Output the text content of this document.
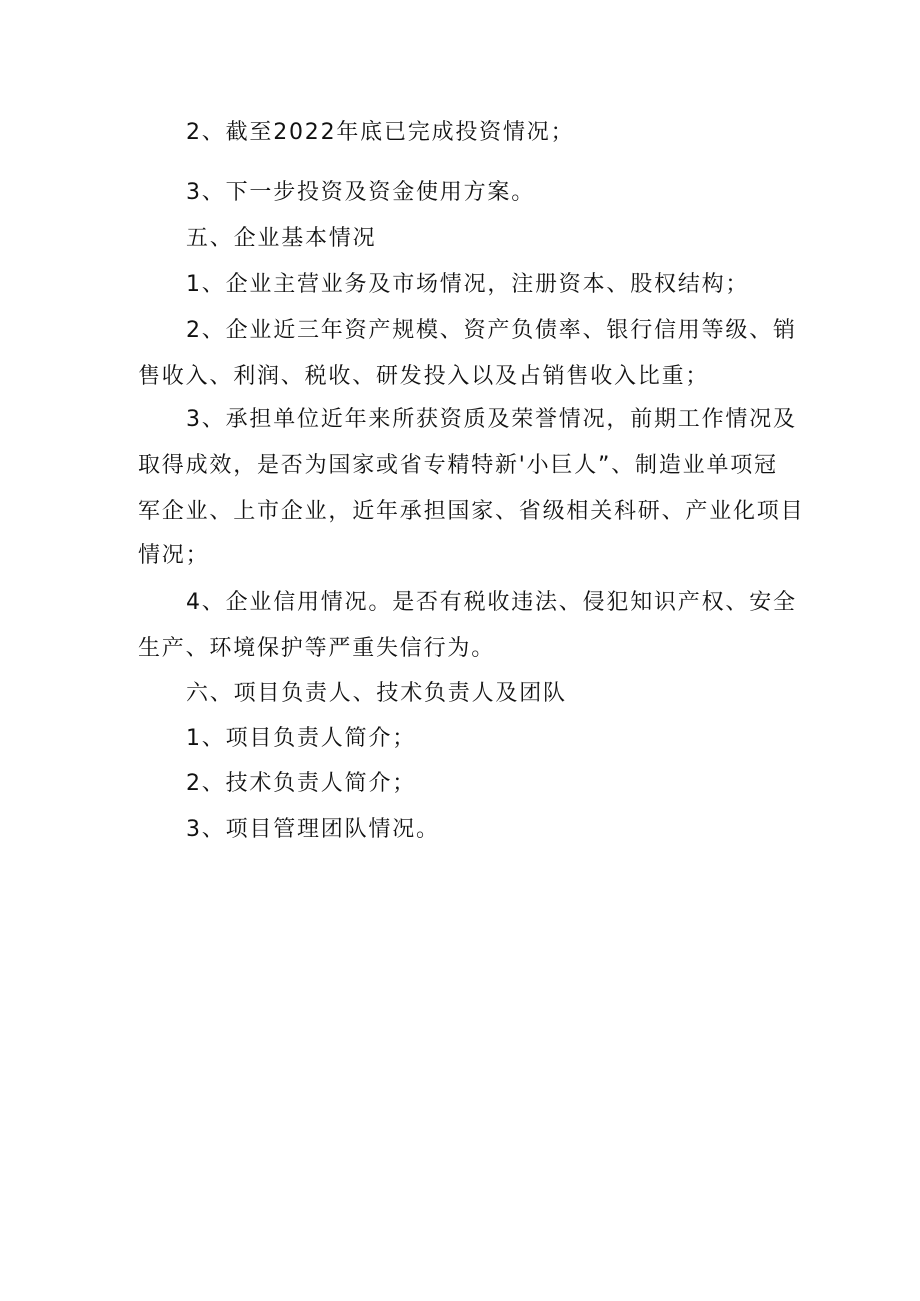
2、截至2022年底已完成投资情况；
3、下一步投资及资金使用方案。
五、企业基本情况
1、企业主营业务及市场情况，注册资本、股权结构；
2、企业近三年资产规模、资产负债率、银行信用等级、销
售收入、利润、税收、研发投入以及占销售收入比重；
3、承担单位近年来所获资质及荣誉情况，前期工作情况及
取得成效，是否为国家或省专精特新'小巨人”、制造业单项冠
军企业、上市企业，近年承担国家、省级相关科研、产业化项目
情况；
4、企业信用情况。是否有税收违法、侵犯知识产权、安全
生产、环境保护等严重失信行为。
六、项目负责人、技术负责人及团队
1、项目负责人简介；
2、技术负责人简介；
3、项目管理团队情况。
